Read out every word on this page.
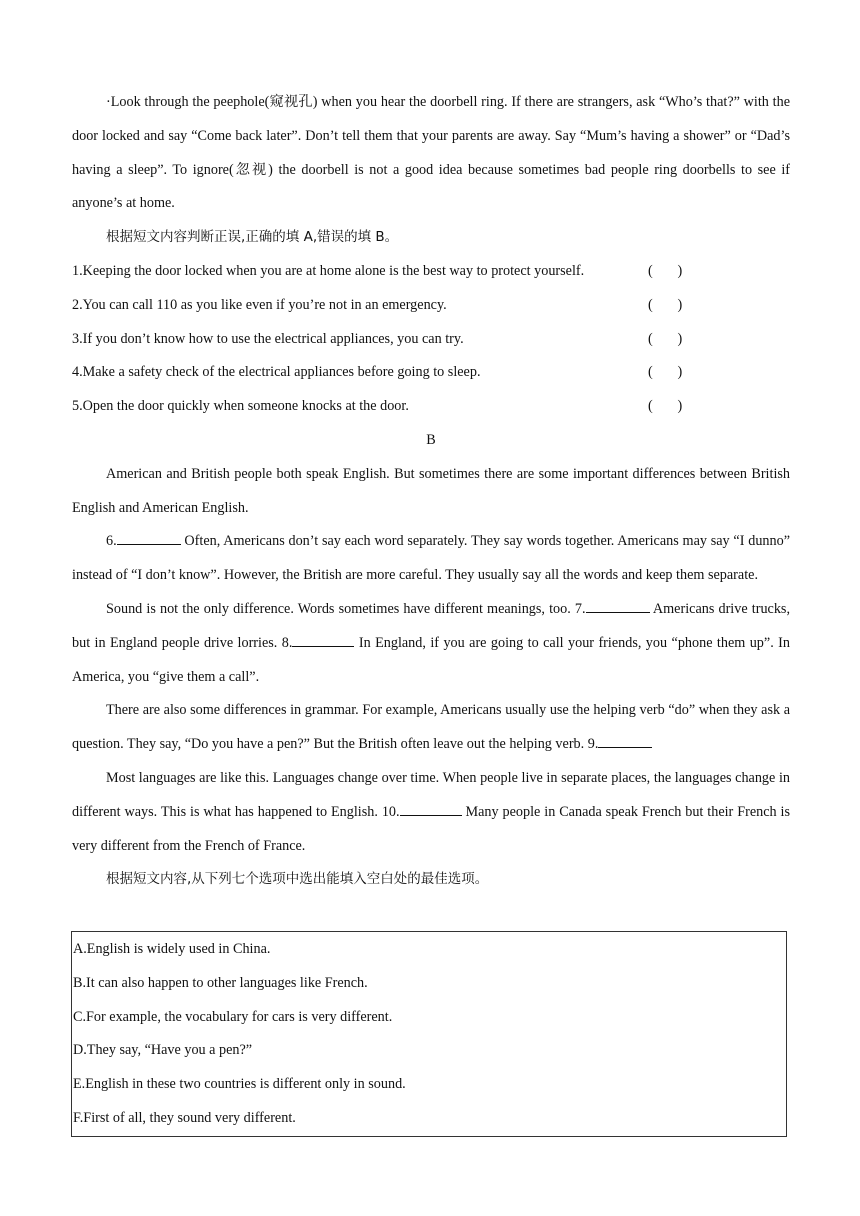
·Look through the peephole(窥视孔) when you hear the doorbell ring. If there are strangers, ask “Who’s that?” with the door locked and say “Come back later”. Don’t tell them that your parents are away. Say “Mum’s having a shower” or “Dad’s having a sleep”. To ignore(忽视) the doorbell is not a good idea because sometimes bad people ring doorbells to see if anyone’s at home.

根据短文内容判断正误,正确的填 A,错误的填 B。

1.Keeping the door locked when you are at home alone is the best way to protect yourself.	(       )
2.You can call 110 as you like even if you’re not in an emergency.	(       )
3.If you don’t know how to use the electrical appliances, you can try.	(       )
4.Make a safety check of the electrical appliances before going to sleep.	(       )
5.Open the door quickly when someone knocks at the door.	(       )

B

American and British people both speak English. But sometimes there are some important differences between British English and American English.

6.	Often, Americans don’t say each word separately. They say words together. Americans may say “I dunno” instead of “I don’t know”. However, the British are more careful. They usually say all the words and keep them separate.

Sound is not the only difference. Words sometimes have different meanings, too. 7.	Americans drive trucks, but in England people drive lorries. 8.	In England, if you are going to call your friends, you “phone them up”. In America, you “give them a call”.

There are also some differences in grammar. For example, Americans usually use the helping verb “do” when they ask a question. They say, “Do you have a pen?” But the British often leave out the helping verb. 9.

Most languages are like this. Languages change over time. When people live in separate places, the languages change in different ways. This is what has happened to English. 10.	Many people in Canada speak French but their French is very different from the French of France.

根据短文内容,从下列七个选项中选出能填入空白处的最佳选项。

A.English is widely used in China.

B.It can also happen to other languages like French.

C.For example, the vocabulary for cars is very different.

D.They say, “Have you a pen?”

E.English in these two countries is different only in sound.

F.First of all, they sound very different.
